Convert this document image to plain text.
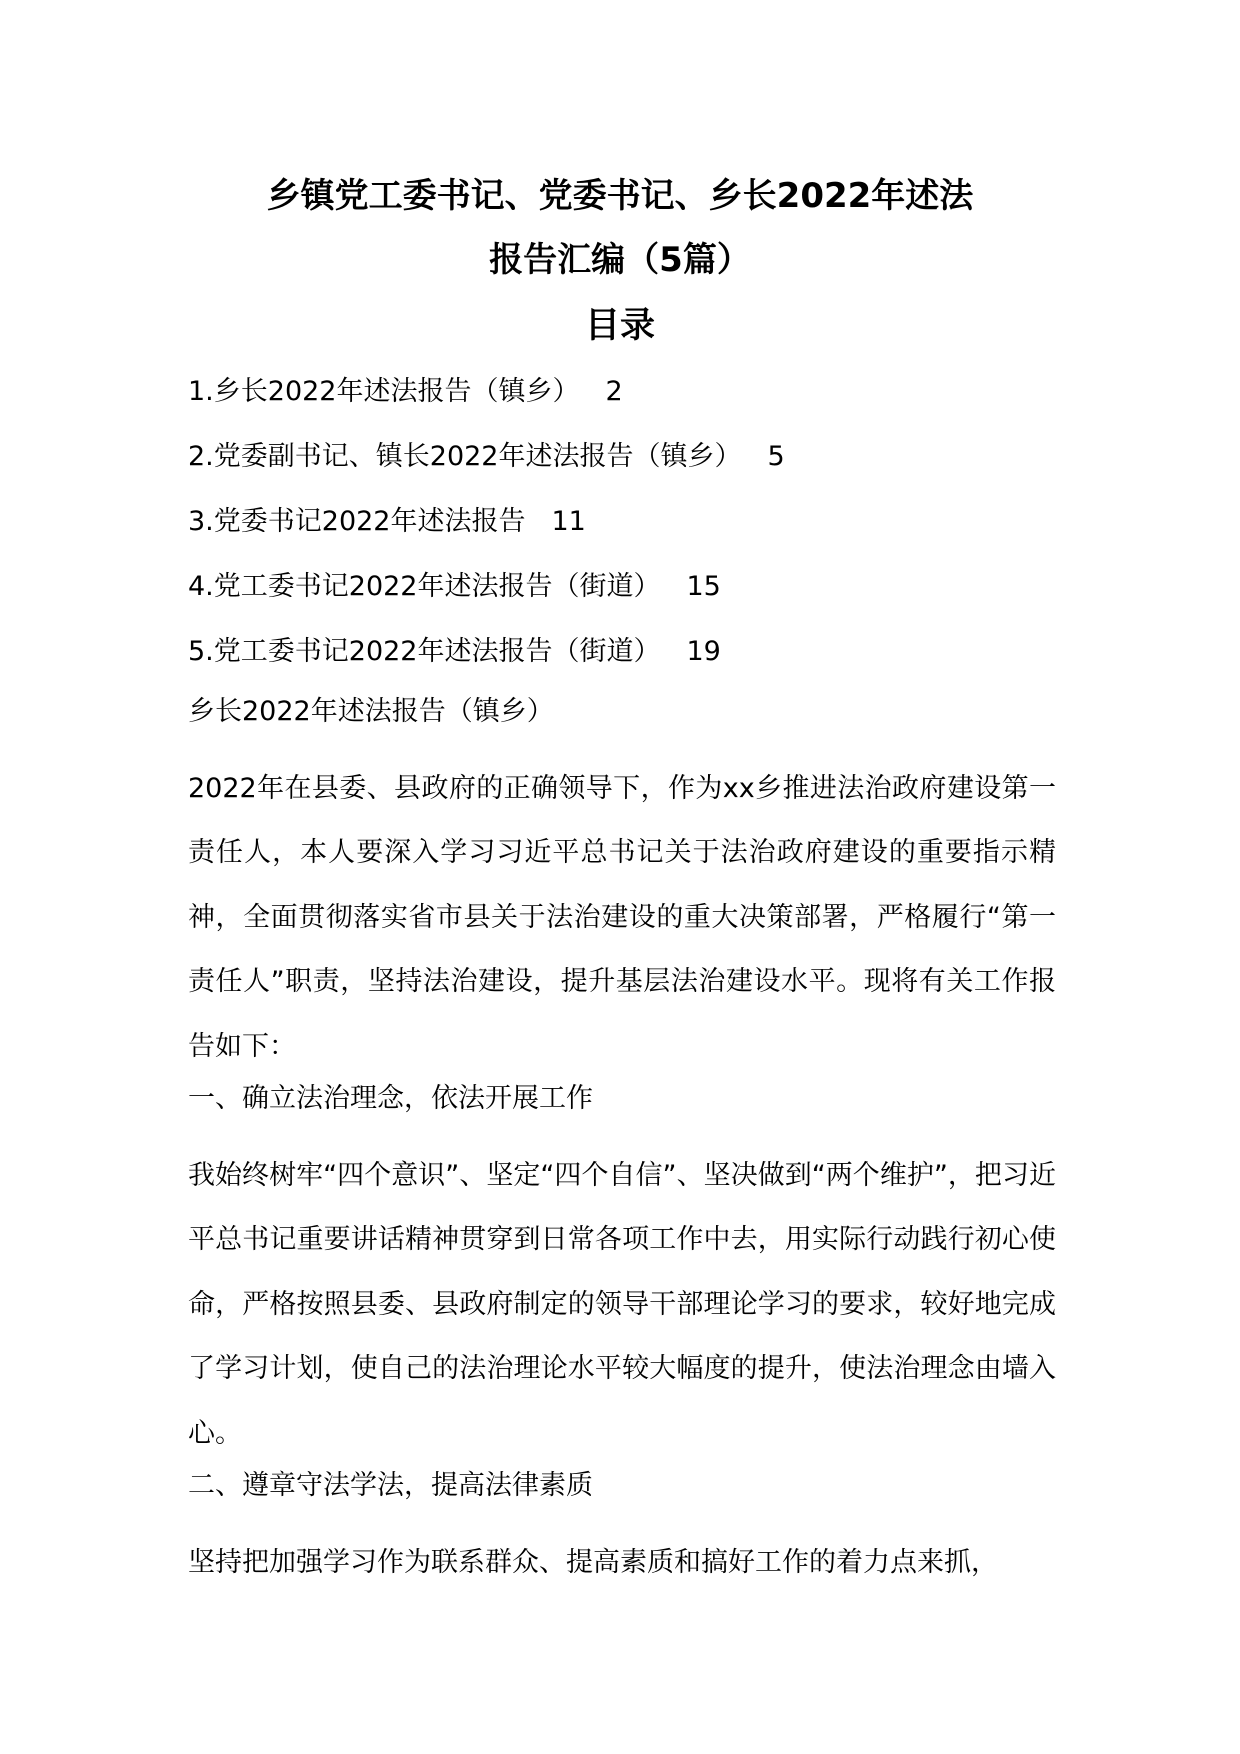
乡镇党工委书记、党委书记、乡长2022年述法
报告汇编（5篇）
目录
1.乡长2022年述法报告（镇乡） 2
2.党委副书记、镇长2022年述法报告（镇乡） 5
3.党委书记2022年述法报告 11
4.党工委书记2022年述法报告（街道） 15
5.党工委书记2022年述法报告（街道） 19

乡长2022年述法报告（镇乡）

2022年在县委、县政府的正确领导下，作为xx乡推进法治政府建设第一责任人，本人要深入学习习近平总书记关于法治政府建设的重要指示精神，全面贯彻落实省市县关于法治建设的重大决策部署，严格履行“第一责任人”职责，坚持法治建设，提升基层法治建设水平。现将有关工作报告如下：

一、确立法治理念，依法开展工作

我始终树牢“四个意识”、坚定“四个自信”、坚决做到“两个维护”，把习近平总书记重要讲话精神贯穿到日常各项工作中去，用实际行动践行初心使命，严格按照县委、县政府制定的领导干部理论学习的要求，较好地完成了学习计划，使自己的法治理论水平较大幅度的提升，使法治理念由墙入心。

二、遵章守法学法，提高法律素质

坚持把加强学习作为联系群众、提高素质和搞好工作的着力点来抓，
